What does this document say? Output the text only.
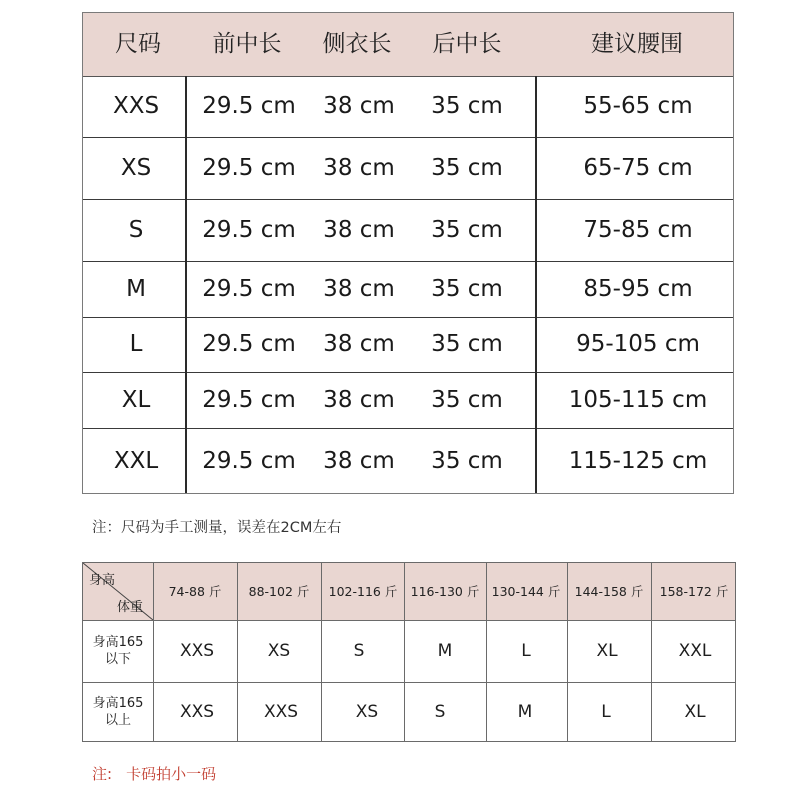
尺码 前中长 侧衣长 后中长	建议腰围
XXS 29.5 cm 38 cm 35 cm	55-65 cm
XS 29.5 cm 38 cm 35 cm	65-75 cm
S	29.5 cm 38 cm 35 cm	75-85 cm
M 29.5 cm 38 cm 35 cm	85-95 cm
L	29.5 cm 38 cm 35 cm	95-105 cm
XL 29.5 cm 38 cm 35 cm	105-115 cm
XXL 29.5 cm 38 cm 35 cm	115-125 cm
注：尺码为手工测量，误差在2CM左右
身高
体重
74-88 斤 88-102 斤 102-116 斤 116-130 斤 130-144 斤 144-158 斤 158-172 斤
身高165
以下	XXS	XS	S	M	L	XL	XXL
身高165
以上	XXS	XXS	XS	S	M	L	XL
注: 卡码拍小一码
